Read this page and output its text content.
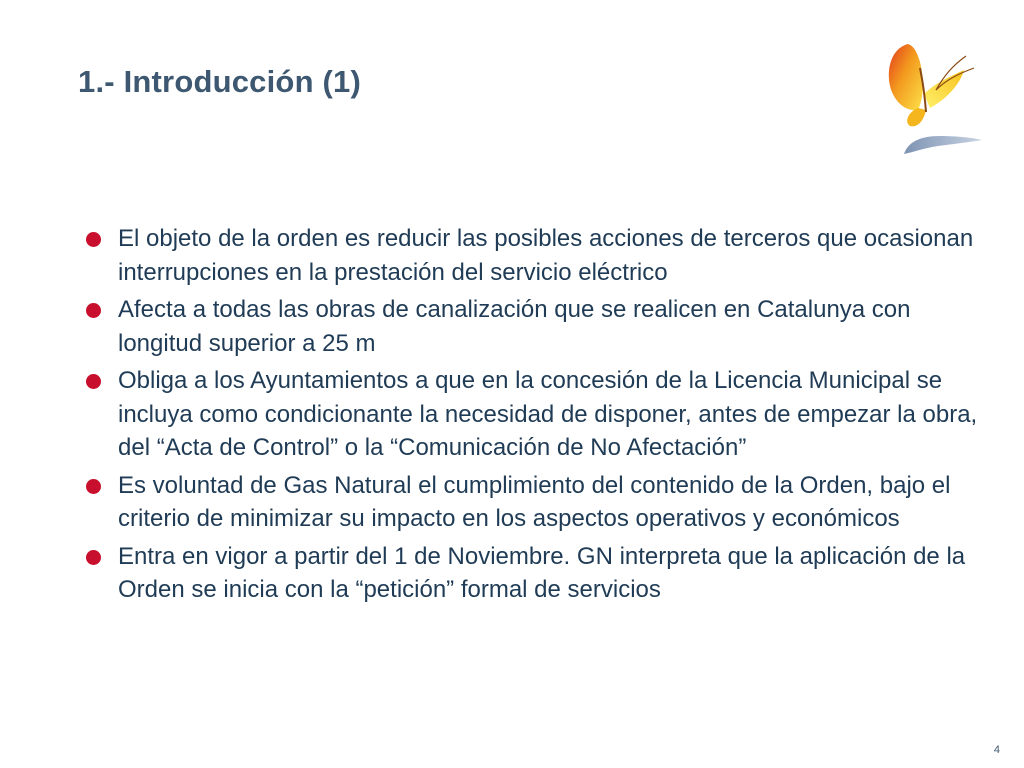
1.- Introducción (1)
El objeto de la orden es reducir las posibles acciones de terceros que ocasionan interrupciones en la prestación del servicio eléctrico
Afecta a todas las obras de canalización que se realicen en Catalunya con longitud superior a 25 m
Obliga a los Ayuntamientos a que en la concesión de la Licencia Municipal se incluya como condicionante la necesidad de disponer, antes de empezar la obra, del “Acta de Control” o la “Comunicación de No Afectación”
Es voluntad de Gas Natural el cumplimiento del contenido de la Orden, bajo el criterio de minimizar su impacto en los aspectos operativos y económicos
Entra en vigor a partir del 1 de Noviembre. GN interpreta que la aplicación de la Orden se inicia con la “petición” formal de servicios
4
